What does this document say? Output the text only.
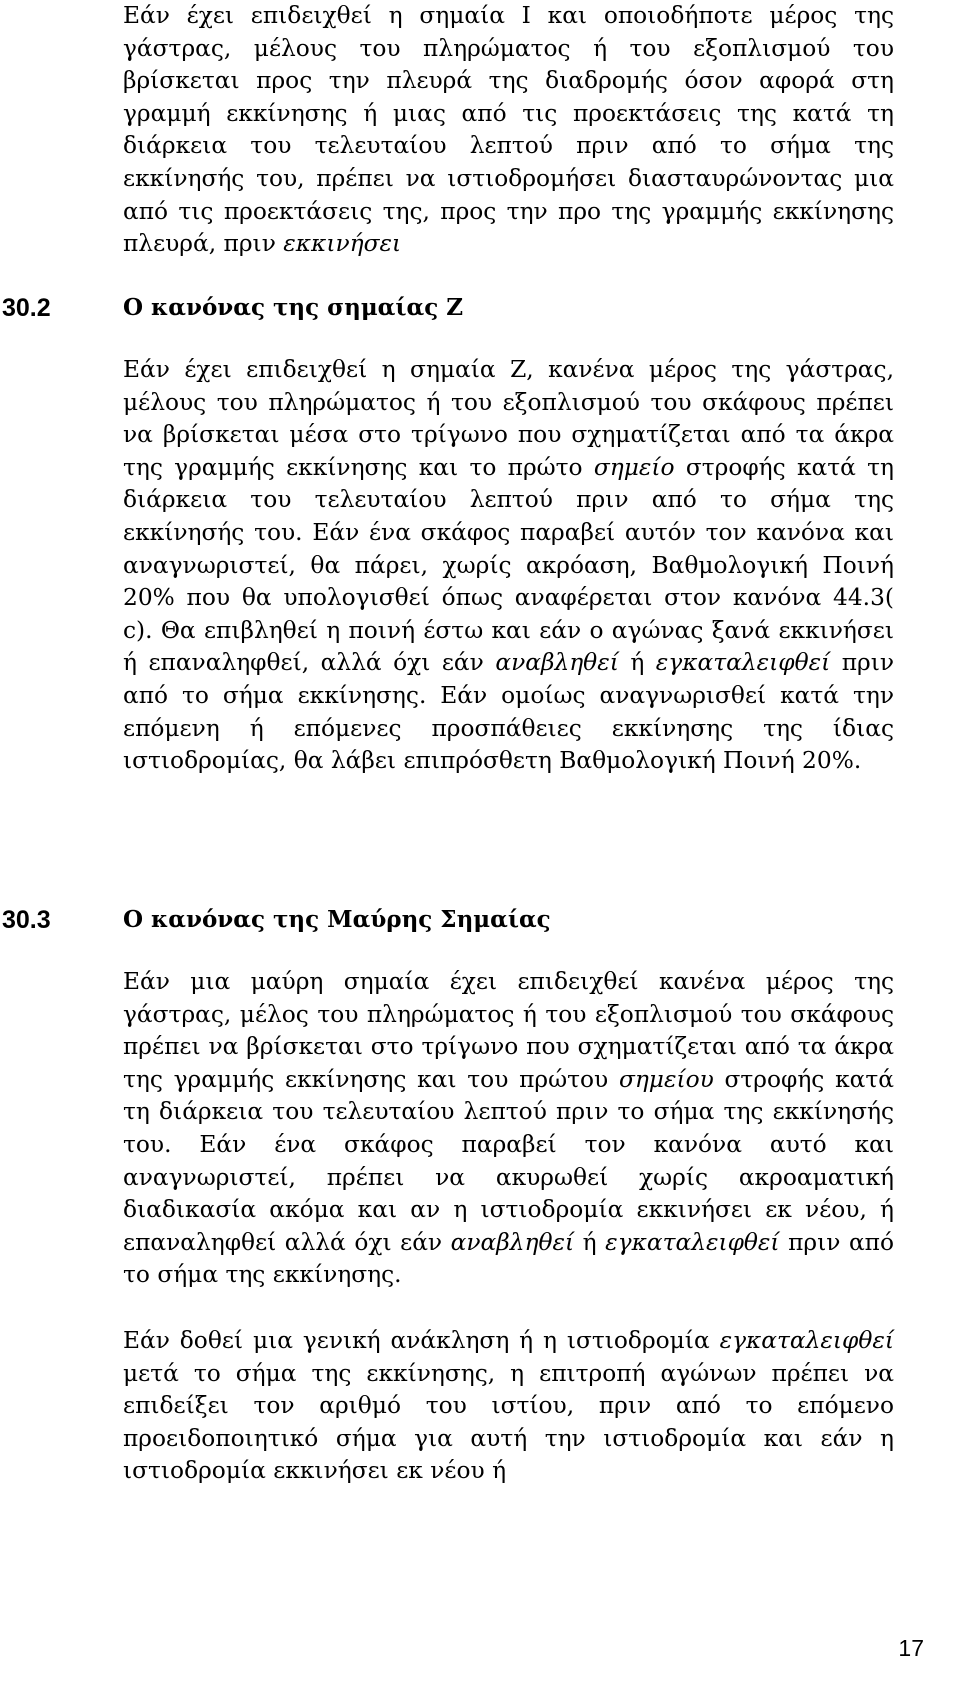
Εάν έχει επιδειχθεί η σημαία Ι και οποιοδήποτε μέρος της γάστρας, μέλους του πληρώματος ή του εξοπλισμού του βρίσκεται προς την πλευρά της διαδρομής όσον αφορά στη γραμμή εκκίνησης ή μιας από τις προεκτάσεις της κατά τη διάρκεια του τελευταίου λεπτού πριν από το σήμα της εκκίνησής του, πρέπει να ιστιοδρομήσει διασταυρώνοντας μια από τις προεκτάσεις της, προς την προ της γραμμής εκκίνησης πλευρά, πριν εκκινήσει

30.2	Ο κανόνας της σημαίας Ζ

Εάν έχει επιδειχθεί η σημαία Ζ, κανένα μέρος της γάστρας, μέλους του πληρώματος ή του εξοπλισμού του σκάφους πρέπει να βρίσκεται μέσα στο τρίγωνο που σχηματίζεται από τα άκρα της γραμμής εκκίνησης και το πρώτο σημείο στροφής κατά τη διάρκεια του τελευταίου λεπτού πριν από το σήμα της εκκίνησής του. Εάν ένα σκάφος παραβεί αυτόν τον κανόνα και αναγνωριστεί, θα πάρει, χωρίς ακρόαση, Βαθμολογική Ποινή 20% που θα υπολογισθεί όπως αναφέρεται στον κανόνα 44.3( c). Θα επιβληθεί η ποινή έστω και εάν ο αγώνας ξανά εκκινήσει ή επαναληφθεί, αλλά όχι εάν αναβληθεί ή εγκαταλειφθεί πριν από το σήμα εκκίνησης. Εάν ομοίως αναγνωρισθεί κατά την επόμενη ή επόμενες προσπάθειες εκκίνησης της ίδιας ιστιοδρομίας, θα λάβει επιπρόσθετη Βαθμολογική Ποινή 20%.

30.3	Ο κανόνας της Μαύρης Σημαίας

Εάν μια μαύρη σημαία έχει επιδειχθεί κανένα μέρος της γάστρας, μέλος του πληρώματος ή του εξοπλισμού του σκάφους πρέπει να βρίσκεται στο τρίγωνο που σχηματίζεται από τα άκρα της γραμμής εκκίνησης και του πρώτου σημείου στροφής κατά τη διάρκεια του τελευταίου λεπτού πριν το σήμα της εκκίνησής του. Εάν ένα σκάφος παραβεί τον κανόνα αυτό και αναγνωριστεί, πρέπει να ακυρωθεί χωρίς ακροαματική διαδικασία ακόμα και αν η ιστιοδρομία εκκινήσει εκ νέου, ή επαναληφθεί αλλά όχι εάν αναβληθεί ή εγκαταλειφθεί πριν από το σήμα της εκκίνησης.

Εάν δοθεί μια γενική ανάκληση ή η ιστιοδρομία εγκαταλειφθεί μετά το σήμα της εκκίνησης, η επιτροπή αγώνων πρέπει να επιδείξει τον αριθμό του ιστίου, πριν από το επόμενο προειδοποιητικό σήμα για αυτή την ιστιοδρομία και εάν η ιστιοδρομία εκκινήσει εκ νέου ή

17
